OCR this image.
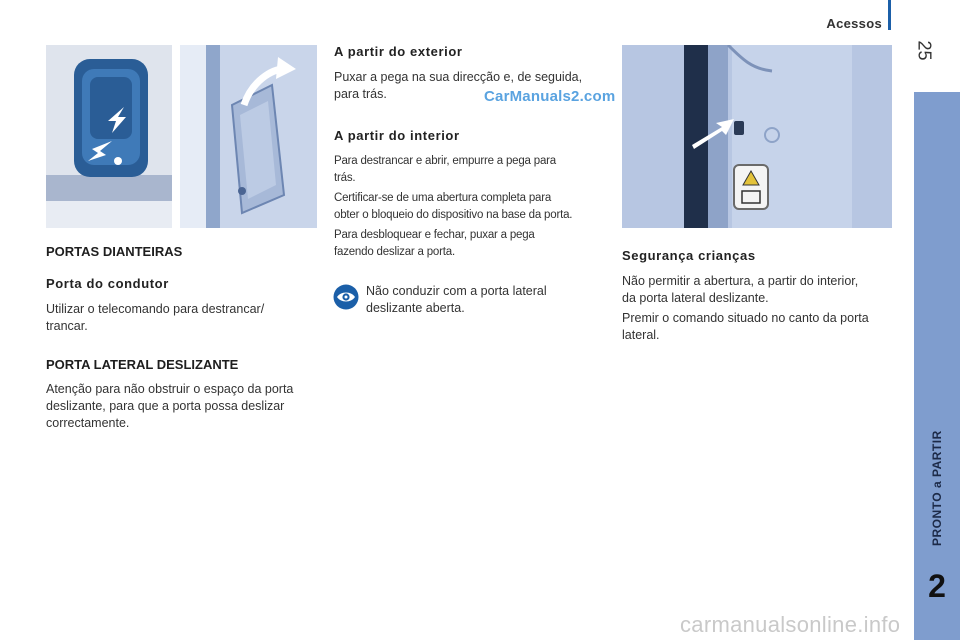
Acessos
25
PRONTO a PARTIR
2
PORTAS DIANTEIRAS
Porta do condutor
Utilizar o telecomando para destrancar/
trancar.
PORTA LATERAL DESLIZANTE
Atenção para não obstruir o espaço da porta
deslizante, para que a porta possa deslizar
correctamente.
A partir do exterior
Puxar a pega na sua direcção e, de seguida,
para trás.	CarManuals2.com
A partir do interior
Para destrancar e abrir, empurre a pega para
trás.
Certificar-se de uma abertura completa para
obter o bloqueio do dispositivo na base da porta.
Para desbloquear e fechar, puxar a pega
fazendo deslizar a porta.
Não conduzir com a porta lateral
deslizante aberta.
Segurança crianças
Não permitir a abertura, a partir do interior,
da porta lateral deslizante.
Premir o comando situado no canto da porta
lateral.
carmanualsonline.info
